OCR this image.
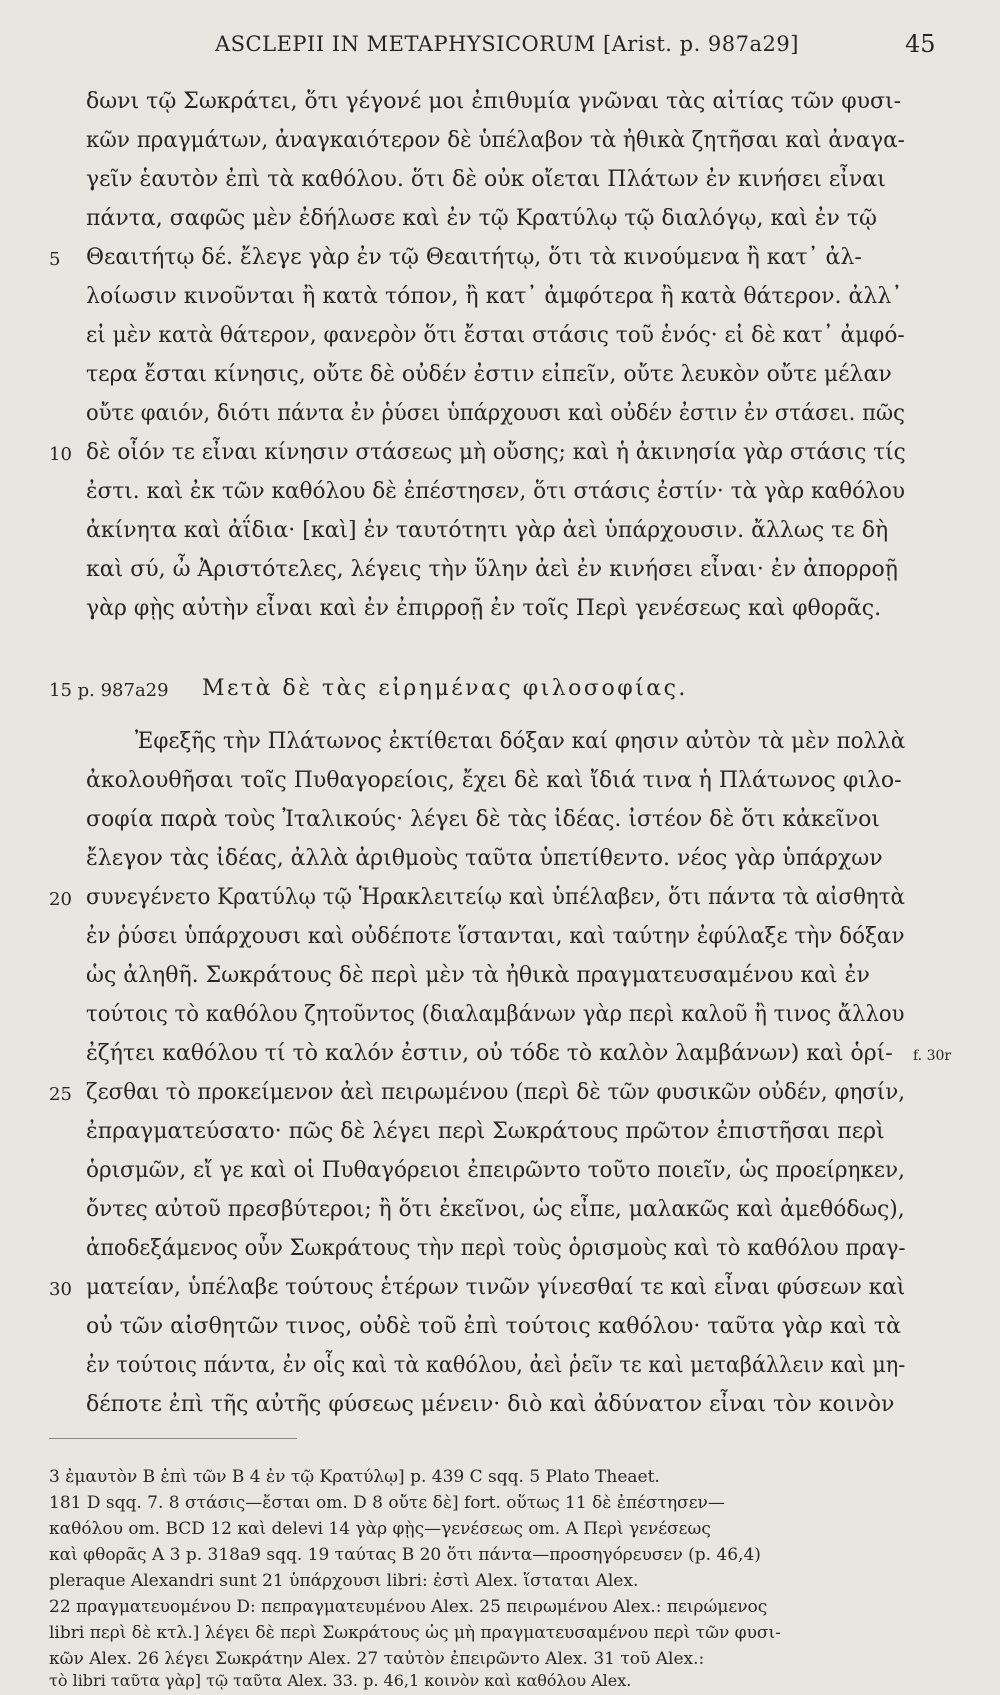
ASCLEPII IN METAPHYSICORUM [Arist. p. 987a29]	45
δωνι τῷ Σωκράτει, ὅτι γέγονέ μοι ἐπιθυμία γνῶναι τὰς αἰτίας τῶν φυσι-
κῶν πραγμάτων, ἀναγκαιότερον δὲ ὑπέλαβον τὰ ἠθικὰ ζητῆσαι καὶ ἀναγα-
γεῖν ἑαυτὸν ἐπὶ τὰ καθόλου. ὅτι δὲ οὐκ οἴεται Πλάτων ἐν κινήσει εἶναι
πάντα, σαφῶς μὲν ἐδήλωσε καὶ ἐν τῷ Κρατύλῳ τῷ διαλόγῳ, καὶ ἐν τῷ
5 Θεαιτήτῳ δέ. ἔλεγε γὰρ ἐν τῷ Θεαιτήτῳ, ὅτι τὰ κινούμενα ἢ κατ᾿ ἀλ-
λοίωσιν κινοῦνται ἢ κατὰ τόπον, ἢ κατ᾿ ἀμφότερα ἢ κατὰ θάτερον. ἀλλ᾿
εἰ μὲν κατὰ θάτερον, φανερὸν ὅτι ἔσται στάσις τοῦ ἑνός· εἰ δὲ κατ᾿ ἀμφό-
τερα ἔσται κίνησις, οὔτε δὲ οὐδέν ἐστιν εἰπεῖν, οὔτε λευκὸν οὔτε μέλαν
οὔτε φαιόν, διότι πάντα ἐν ῥύσει ὑπάρχουσι καὶ οὐδέν ἐστιν ἐν στάσει. πῶς
10 δὲ οἷόν τε εἶναι κίνησιν στάσεως μὴ οὔσης; καὶ ἡ ἀκινησία γὰρ στάσις τίς
ἐστι. καὶ ἐκ τῶν καθόλου δὲ ἐπέστησεν, ὅτι στάσις ἐστίν· τὰ γὰρ καθόλου
ἀκίνητα καὶ ἀΐδια· [καὶ] ἐν ταυτότητι γὰρ ἀεὶ ὑπάρχουσιν. ἄλλως τε δὴ
καὶ σύ, ὦ Ἀριστότελες, λέγεις τὴν ὕλην ἀεὶ ἐν κινήσει εἶναι· ἐν ἀπορροῇ
γὰρ φῂς αὐτὴν εἶναι καὶ ἐν ἐπιρροῇ ἐν τοῖς Περὶ γενέσεως καὶ φθορᾶς.
15 p. 987a29 Μετὰ δὲ τὰς εἰρημένας φιλοσοφίας.
Ἐφεξῆς τὴν Πλάτωνος ἐκτίθεται δόξαν καί φησιν αὐτὸν τὰ μὲν πολλὰ
ἀκολουθῆσαι τοῖς Πυθαγορείοις, ἔχει δὲ καὶ ἴδιά τινα ἡ Πλάτωνος φιλο-
σοφία παρὰ τοὺς Ἰταλικούς· λέγει δὲ τὰς ἰδέας. ἰστέον δὲ ὅτι κἀκεῖνοι
ἔλεγον τὰς ἰδέας, ἀλλὰ ἀριθμοὺς ταῦτα ὑπετίθεντο. νέος γὰρ ὑπάρχων
20 συνεγένετο Κρατύλῳ τῷ Ἡρακλειτείῳ καὶ ὑπέλαβεν, ὅτι πάντα τὰ αἰσθητὰ
ἐν ῥύσει ὑπάρχουσι καὶ οὐδέποτε ἵστανται, καὶ ταύτην ἐφύλαξε τὴν δόξαν
ὡς ἀληθῆ. Σωκράτους δὲ περὶ μὲν τὰ ἠθικὰ πραγματευσαμένου καὶ ἐν
τούτοις τὸ καθόλου ζητοῦντος (διαλαμβάνων γὰρ περὶ καλοῦ ἢ τινος ἄλλου
ἐζήτει καθόλου τί τὸ καλόν ἐστιν, οὐ τόδε τὸ καλὸν λαμβάνων) καὶ ὁρί- f. 30r
25 ζεσθαι τὸ προκείμενον ἀεὶ πειρωμένου (περὶ δὲ τῶν φυσικῶν οὐδέν, φησίν,
ἐπραγματεύσατο· πῶς δὲ λέγει περὶ Σωκράτους πρῶτον ἐπιστῆσαι περὶ
ὁρισμῶν, εἴ γε καὶ οἱ Πυθαγόρειοι ἐπειρῶντο τοῦτο ποιεῖν, ὡς προείρηκεν,
ὄντες αὐτοῦ πρεσβύτεροι; ἢ ὅτι ἐκεῖνοι, ὡς εἶπε, μαλακῶς καὶ ἀμεθόδως),
ἀποδεξάμενος οὖν Σωκράτους τὴν περὶ τοὺς ὁρισμοὺς καὶ τὸ καθόλου πραγ-
30 ματείαν, ὑπέλαβε τούτους ἑτέρων τινῶν γίνεσθαί τε καὶ εἶναι φύσεων καὶ
οὐ τῶν αἰσθητῶν τινος, οὐδὲ τοῦ ἐπὶ τούτοις καθόλου· ταῦτα γὰρ καὶ τὰ
ἐν τούτοις πάντα, ἐν οἷς καὶ τὰ καθόλου, ἀεὶ ῥεῖν τε καὶ μεταβάλλειν καὶ μη-
δέποτε ἐπὶ τῆς αὐτῆς φύσεως μένειν· διὸ καὶ ἀδύνατον εἶναι τὸν κοινὸν
3 ἐμαυτὸν B ἐπὶ τῶν B 4 ἐν τῷ Κρατύλῳ] p. 439 C sqq. 5 Plato Theaet.
181 D sqq. 7. 8 στάσις—ἔσται om. D 8 οὔτε δὲ] fort. οὕτως 11 δὲ ἐπέστησεν—
καθόλου om. BCD 12 καὶ delevi 14 γὰρ φῂς—γενέσεως om. A Περὶ γενέσεως
καὶ φθορᾶς A 3 p. 318a9 sqq. 19 ταύτας B 20 ὅτι πάντα—προσηγόρευσεν (p. 46,4)
pleraque Alexandri sunt 21 ὑπάρχουσι libri: ἐστὶ Alex. ἵσταται Alex.
22 πραγματευομένου D: πεπραγματευμένου Alex. 25 πειρωμένου Alex.: πειρώμενος
libri περὶ δὲ κτλ.] λέγει δὲ περὶ Σωκράτους ὡς μὴ πραγματευσαμένου περὶ τῶν φυσι-
κῶν Alex. 26 λέγει Σωκράτην Alex. 27 ταὐτὸν ἐπειρῶντο Alex. 31 τοῦ Alex.:
τὸ libri ταῦτα γὰρ] τῷ ταῦτα Alex. 33. p. 46,1 κοινὸν καὶ καθόλου Alex.
